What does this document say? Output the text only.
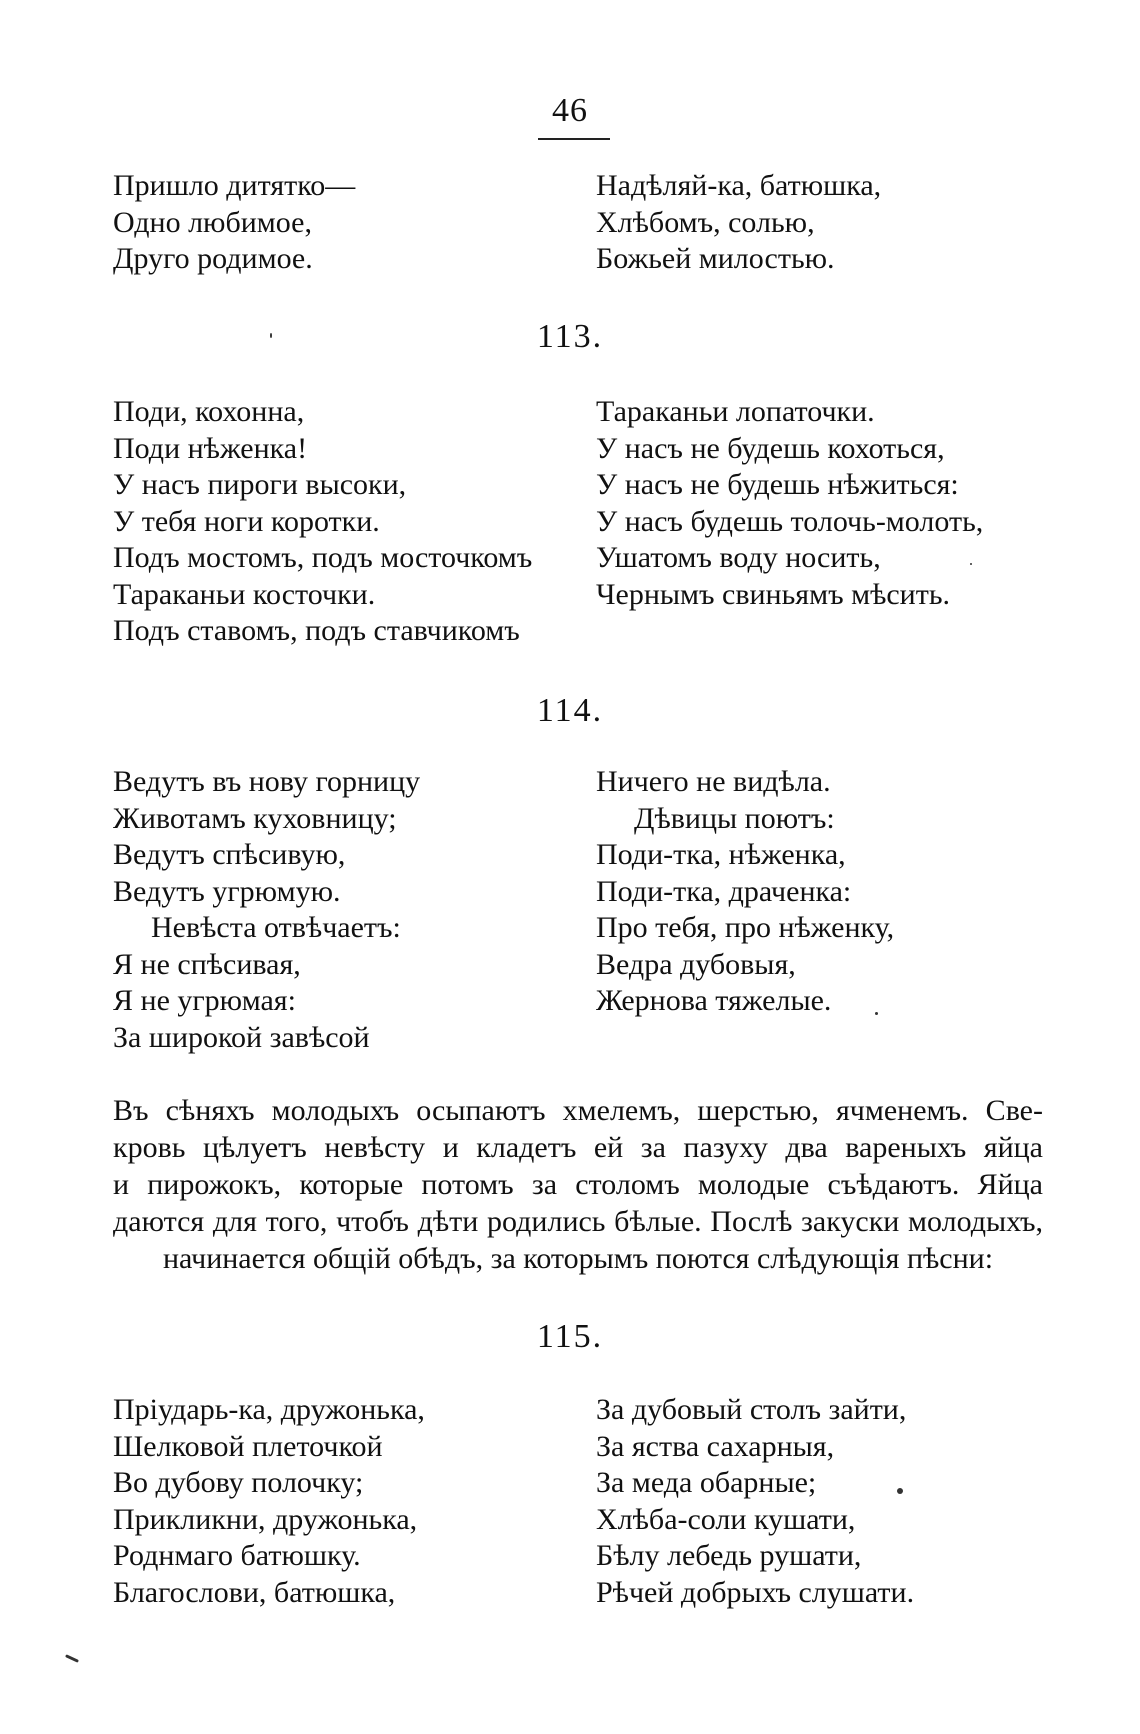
46
Пришло дитятко—
Одно любимое,
Друго родимое.
Надѣляй-ка, батюшка,
Хлѣбомъ, солью,
Божьей милостью.
113.
Поди, кохонна,
Поди нѣженка!
У насъ пироги высоки,
У тебя ноги коротки.
Подъ мостомъ, подъ мосточкомъ
Тараканьи косточки.
Подъ ставомъ, подъ ставчикомъ
Тараканьи лопаточки.
У насъ не будешь кохоться,
У насъ не будешь нѣжиться:
У насъ будешь толочь-молоть,
Ушатомъ воду носить,
Чернымъ свиньямъ мѣсить.
114.
Ведутъ въ нову горницу
Животамъ куховницу;
Ведутъ спѣсивую,
Ведутъ угрюмую.
Невѣста отвѣчаетъ:
Я не спѣсивая,
Я не угрюмая:
За широкой завѣсой
Ничего не видѣла.
Дѣвицы поютъ:
Поди-тка, нѣженка,
Поди-тка, драченка:
Про тебя, про нѣженку,
Ведра дубовыя,
Жернова тяжелые.
Въ сѣняхъ молодыхъ осыпаютъ хмелемъ, шерстью, ячменемъ. Све-
кровь цѣлуетъ невѣсту и кладетъ ей за пазуху два вареныхъ яйца
и пирожокъ, которые потомъ за столомъ молодые съѣдаютъ. Яйца
даются для того, чтобъ дѣти родились бѣлые. Послѣ закуски молодыхъ,
начинается общій обѣдъ, за которымъ поются слѣдующія пѣсни:
115.
Пріударь-ка, дружонька,
Шелковой плеточкой
Во дубову полочку;
Прикликни, дружонька,
Роднмаго батюшку.
Благослови, батюшка,
За дубовый столъ зайти,
За яства сахарныя,
За меда обарные;
Хлѣба-соли кушати,
Бѣлу лебедь рушати,
Рѣчей добрыхъ слушати.
